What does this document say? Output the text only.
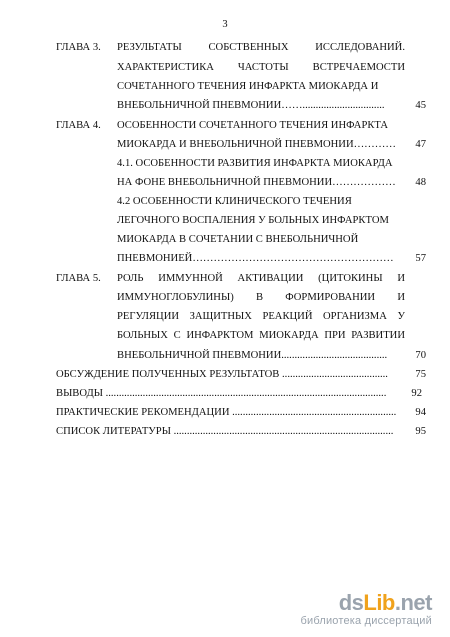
3
ГЛАВА 3. РЕЗУЛЬТАТЫ	СОБСТВЕННЫХ	ИССЛЕДОВАНИЙ.
ХАРАКТЕРИСТИКА ЧАСТОТЫ ВСТРЕЧАЕМОСТИ
СОЧЕТАННОГО ТЕЧЕНИЯ ИНФАРКТА МИОКАРДА И
ВНЕБОЛЬНИЧНОЙ ПНЕВМОНИИ……...............................	45
ГЛАВА 4. ОСОБЕННОСТИ СОЧЕТАННОГО ТЕЧЕНИЯ ИНФАРКТА
МИОКАРДА И ВНЕБОЛЬНИЧНОЙ ПНЕВМОНИИ…………	47
4.1. ОСОБЕННОСТИ РАЗВИТИЯ ИНФАРКТА МИОКАРДА
НА ФОНЕ ВНЕБОЛЬНИЧНОЙ ПНЕВМОНИИ………………	48
4.2 ОСОБЕННОСТИ КЛИНИЧЕСКОГО ТЕЧЕНИЯ
ЛЕГОЧНОГО ВОСПАЛЕНИЯ У БОЛЬНЫХ ИНФАРКТОМ
МИОКАРДА В СОЧЕТАНИИ С ВНЕБОЛЬНИЧНОЙ
ПНЕВМОНИЕЙ…………………………………………………	57
ГЛАВА 5. РОЛЬ ИММУННОЙ АКТИВАЦИИ (ЦИТОКИНЫ И
ИММУНОГЛОБУЛИНЫ) В ФОРМИРОВАНИИ И
РЕГУЛЯЦИИ ЗАЩИТНЫХ РЕАКЦИЙ ОРГАНИЗМА У
БОЛЬНЫХ С ИНФАРКТОМ МИОКАРДА ПРИ РАЗВИТИИ
ВНЕБОЛЬНИЧНОЙ ПНЕВМОНИИ........................................	70
ОБСУЖДЕНИЕ ПОЛУЧЕННЫХ РЕЗУЛЬТАТОВ ........................................	75
ВЫВОДЫ ..........................................................................................................	92
ПРАКТИЧЕСКИЕ РЕКОМЕНДАЦИИ ..............................................................	94
СПИСОК ЛИТЕРАТУРЫ ...................................................................................	95
dsLib.net
библиотека диссертаций
